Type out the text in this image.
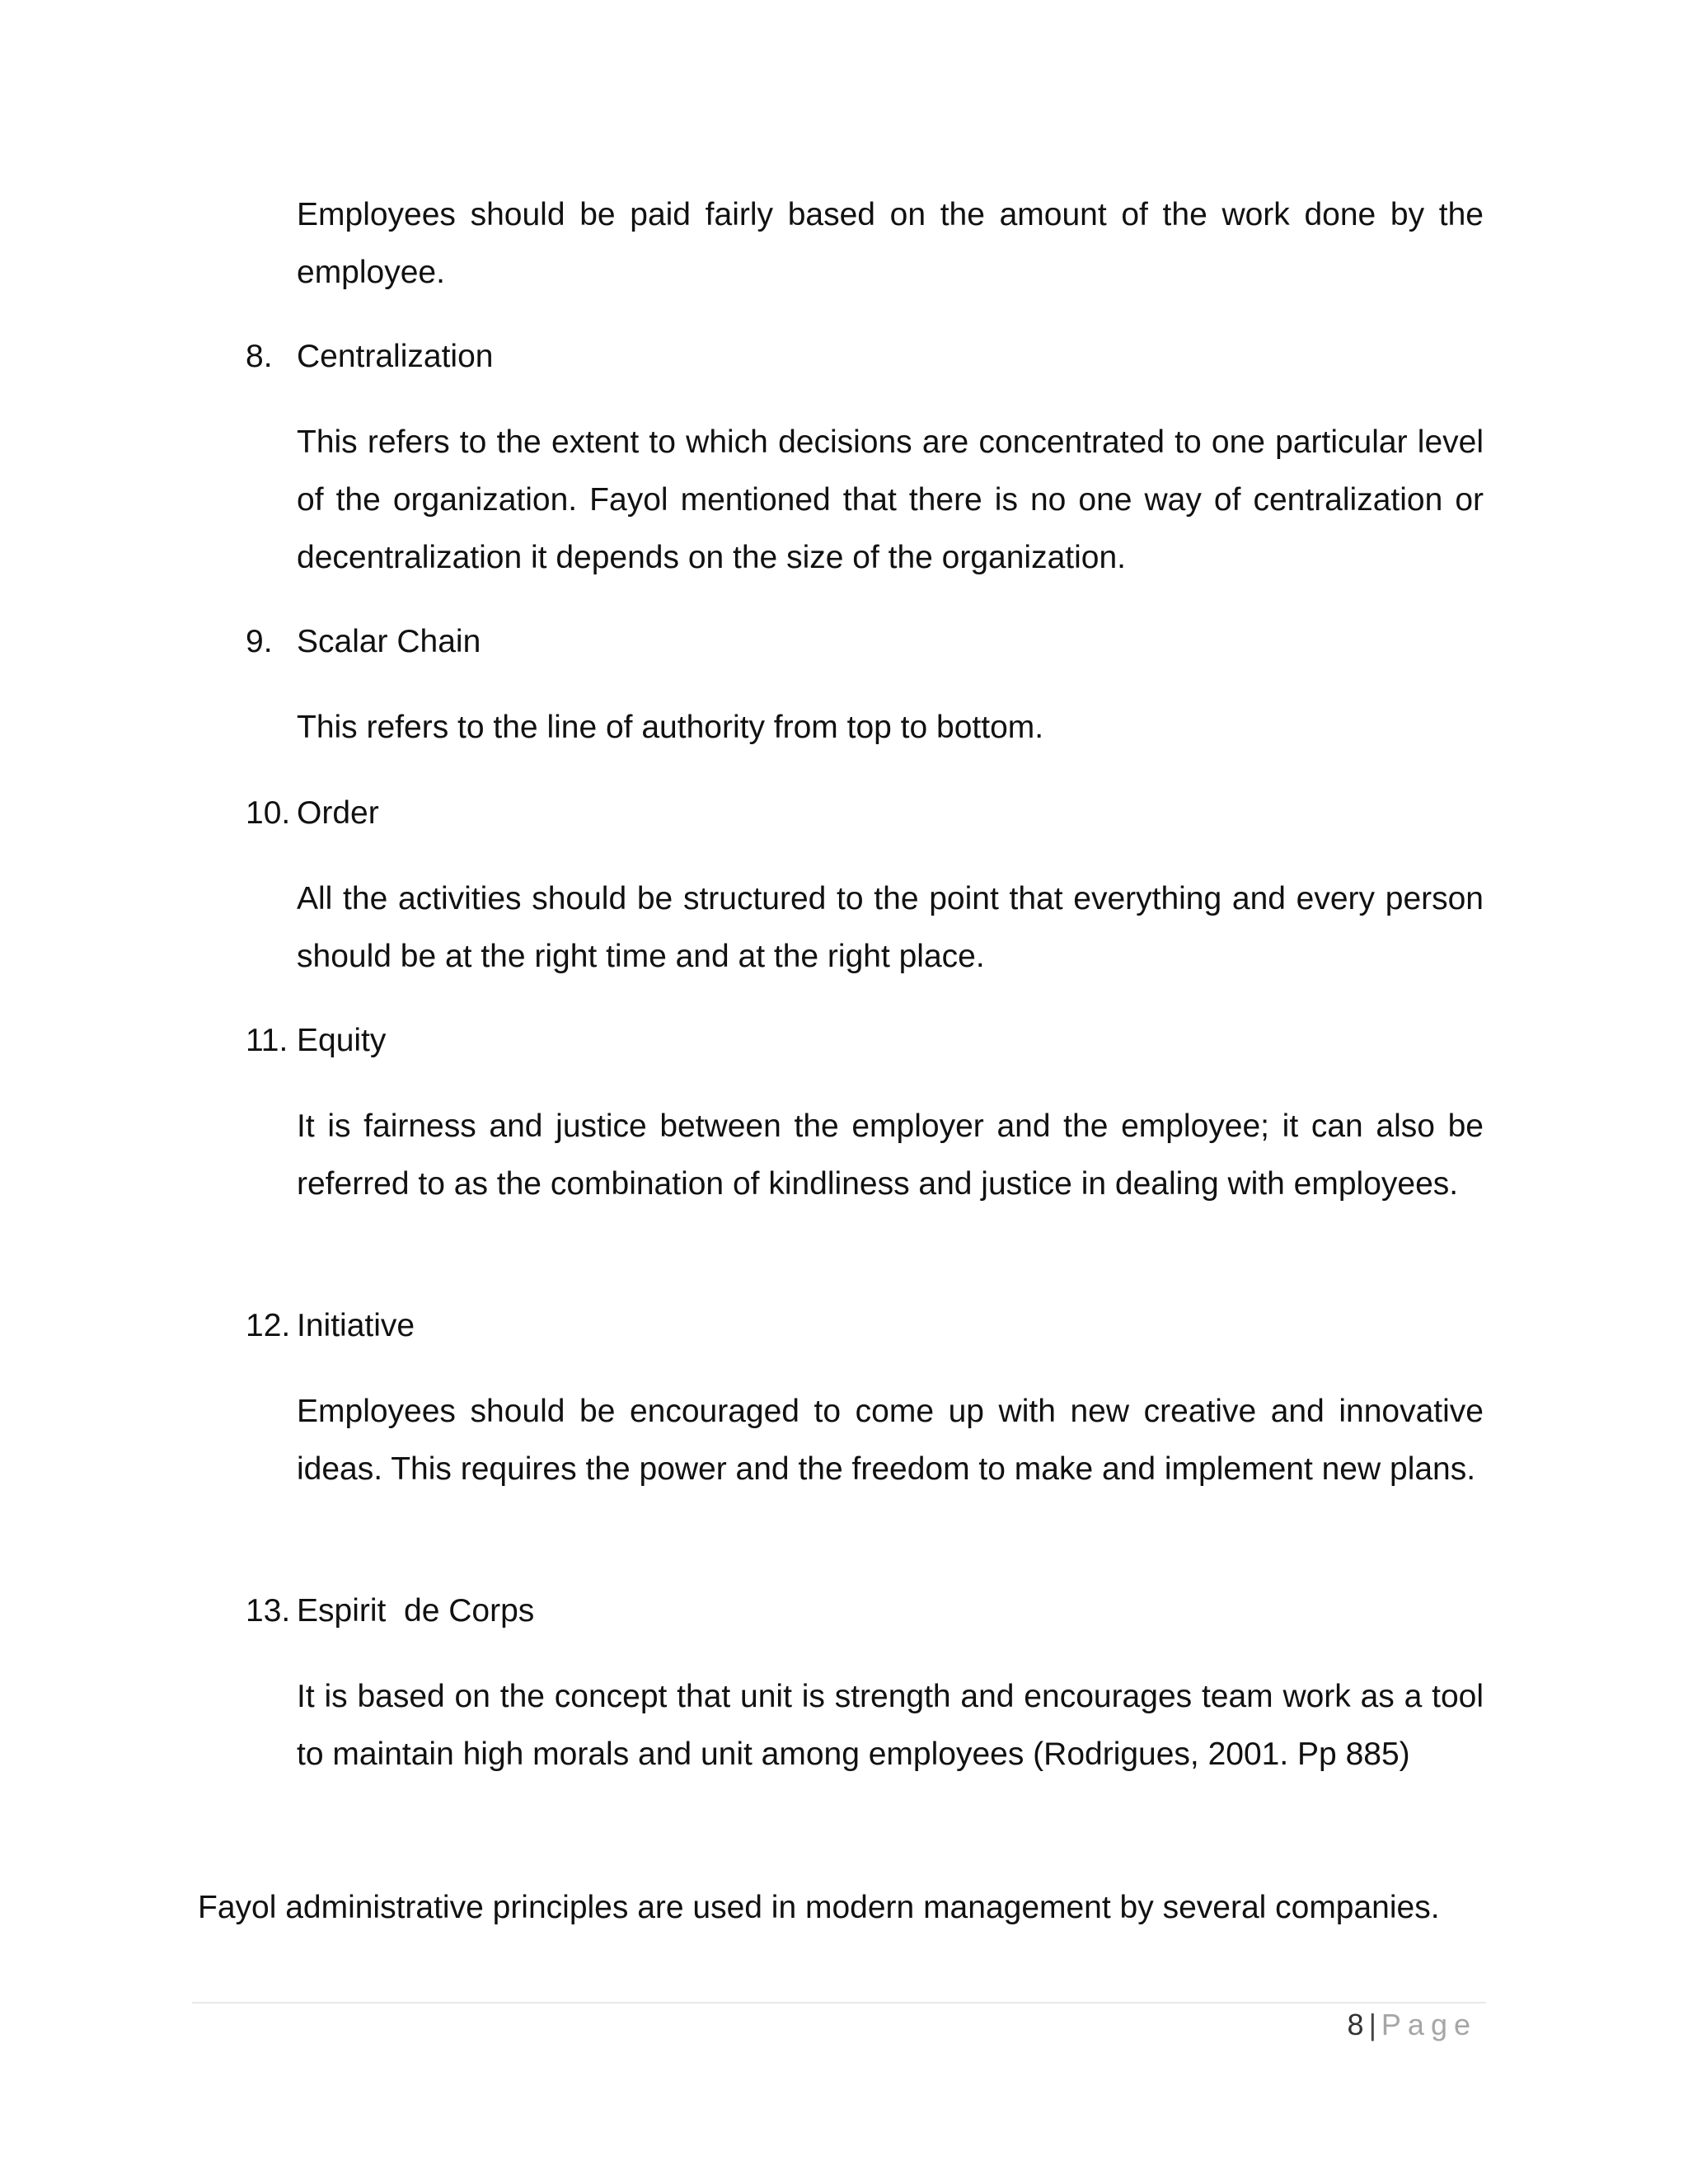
Employees should be paid fairly based on the amount of the work done by the employee.

8. Centralization

This refers to the extent to which decisions are concentrated to one particular level of the organization. Fayol mentioned that there is no one way of centralization or decentralization it depends on the size of the organization.

9. Scalar Chain

This refers to the line of authority from top to bottom.

10. Order

All the activities should be structured to the point that everything and every person should be at the right time and at the right place.

11. Equity

It is fairness and justice between the employer and the employee; it can also be referred to as the combination of kindliness and justice in dealing with employees.

12. Initiative

Employees should be encouraged to come up with new creative and innovative ideas. This requires the power and the freedom to make and implement new plans.

13. Espirit  de Corps

It is based on the concept that unit is strength and encourages team work as a tool to maintain high morals and unit among employees (Rodrigues, 2001. Pp 885)

Fayol administrative principles are used in modern management by several companies.

8 | Page
